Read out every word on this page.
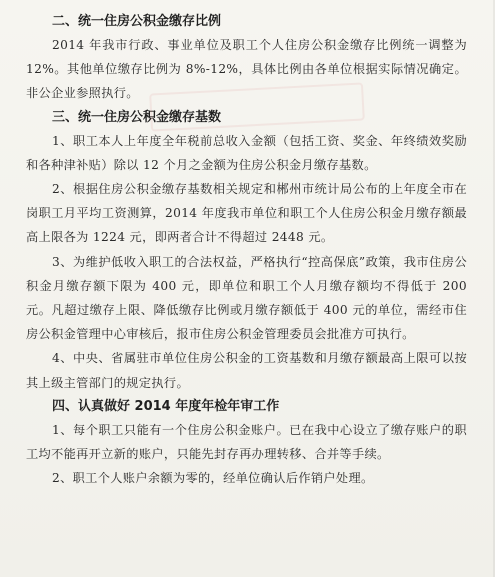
二、统一住房公积金缴存比例

2014 年我市行政、事业单位及职工个人住房公积金缴存比例统一调整为 12%。其他单位缴存比例为 8%-12%，具体比例由各单位根据实际情况确定。非公企业参照执行。

三、统一住房公积金缴存基数

1、职工本人上年度全年税前总收入金额（包括工资、奖金、年终绩效奖励和各种津补贴）除以 12 个月之金额为住房公积金月缴存基数。

2、根据住房公积金缴存基数相关规定和郴州市统计局公布的上年度全市在岗职工月平均工资测算，2014 年度我市单位和职工个人住房公积金月缴存额最高上限各为 1224 元，即两者合计不得超过 2448 元。

3、为维护低收入职工的合法权益，严格执行“控高保底”政策，我市住房公积金月缴存额下限为 400 元，即单位和职工个人月缴存额均不得低于 200 元。凡超过缴存上限、降低缴存比例或月缴存额低于 400 元的单位，需经市住房公积金管理中心审核后，报市住房公积金管理委员会批准方可执行。

4、中央、省属驻市单位住房公积金的工资基数和月缴存额最高上限可以按其上级主管部门的规定执行。

四、认真做好 2014 年度年检年审工作

1、每个职工只能有一个住房公积金账户。已在我中心设立了缴存账户的职工均不能再开立新的账户，只能先封存再办理转移、合并等手续。

2、职工个人账户余额为零的，经单位确认后作销户处理。
